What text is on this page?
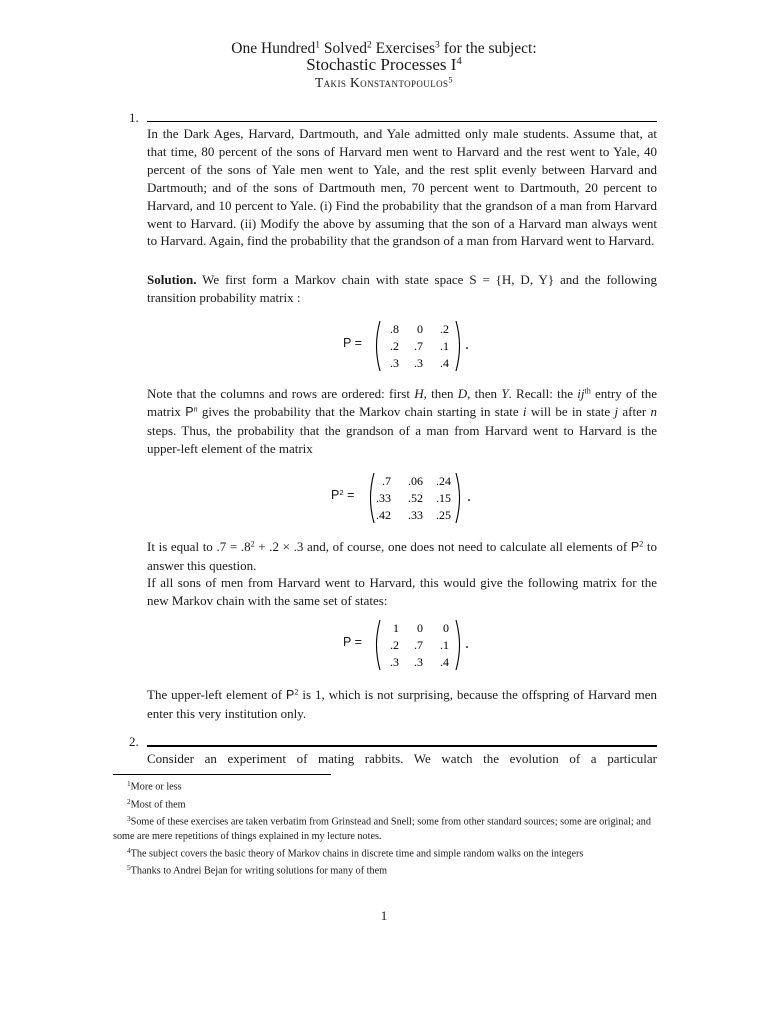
One Hundred$^1$ Solved$^2$ Exercises$^3$ for the subject:
Stochastic Processes $I^4$
Takis Konstantopoulos$^5$
1.
In the Dark Ages, Harvard, Dartmouth, and Yale admitted only male students. Assume that, at that time, 80 percent of the sons of Harvard men went to Harvard and the rest went to Yale, 40 percent of the sons of Yale men went to Yale, and the rest split evenly between Harvard and Dartmouth; and of the sons of Dartmouth men, 70 percent went to Dartmouth, 20 percent to Harvard, and 10 percent to Yale. (i) Find the probability that the grandson of a man from Harvard went to Harvard. (ii) Modify the above by assuming that the son of a Harvard man always went to Harvard. Again, find the probability that the grandson of a man from Harvard went to Harvard.
Solution. We first form a Markov chain with state space S = {H, D, Y} and the following transition probability matrix :
P =
.8 0 .2
.2 .7 .1
.3 .3 .4
.
Note that the columns and rows are ordered: first H, then D, then Y. Recall: the $ij^{th}$ entry of the matrix $P^n$ gives the probability that the Markov chain starting in state i will be in state j after n steps. Thus, the probability that the grandson of a man from Harvard went to Harvard is the upper-left element of the matrix
$P^2$ =
.7 .06 .24
.33 .52 .15
.42 .33 .25
.
It is equal to $.7 = .8^2 + .2 \times .3$ and, of course, one does not need to calculate all elements of $P^2$ to answer this question.
If all sons of men from Harvard went to Harvard, this would give the following matrix for the new Markov chain with the same set of states:
P =
1 0 0
.2 .7 .1
.3 .3 .4
.
The upper-left element of $P^2$ is 1, which is not surprising, because the offspring of Harvard men enter this very institution only.
2.
Consider an experiment of mating rabbits. We watch the evolution of a particular
$^1$More or less
$^2$Most of them
$^3$Some of these exercises are taken verbatim from Grinstead and Snell; some from other standard sources; some are original; and some are mere repetitions of things explained in my lecture notes.
$^4$The subject covers the basic theory of Markov chains in discrete time and simple random walks on the integers
$^5$Thanks to Andrei Bejan for writing solutions for many of them
1
